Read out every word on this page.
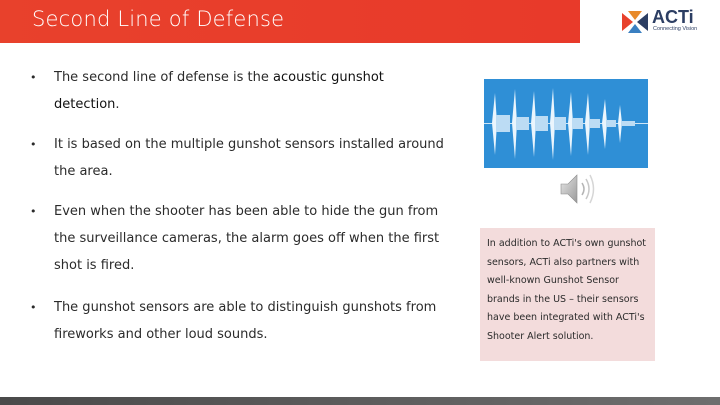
Second Line of Defense	ACTi
Connecting Vision
• The second line of defense is the acoustic gunshot detection.
• It is based on the multiple gunshot sensors installed around the area.
• Even when the shooter has been able to hide the gun from the surveillance cameras, the alarm goes off when the first shot is fired.
• The gunshot sensors are able to distinguish gunshots from fireworks and other loud sounds.
In addition to ACTi's own gunshot sensors, ACTi also partners with well-known Gunshot Sensor brands in the US – their sensors have been integrated with ACTi's Shooter Alert solution.
